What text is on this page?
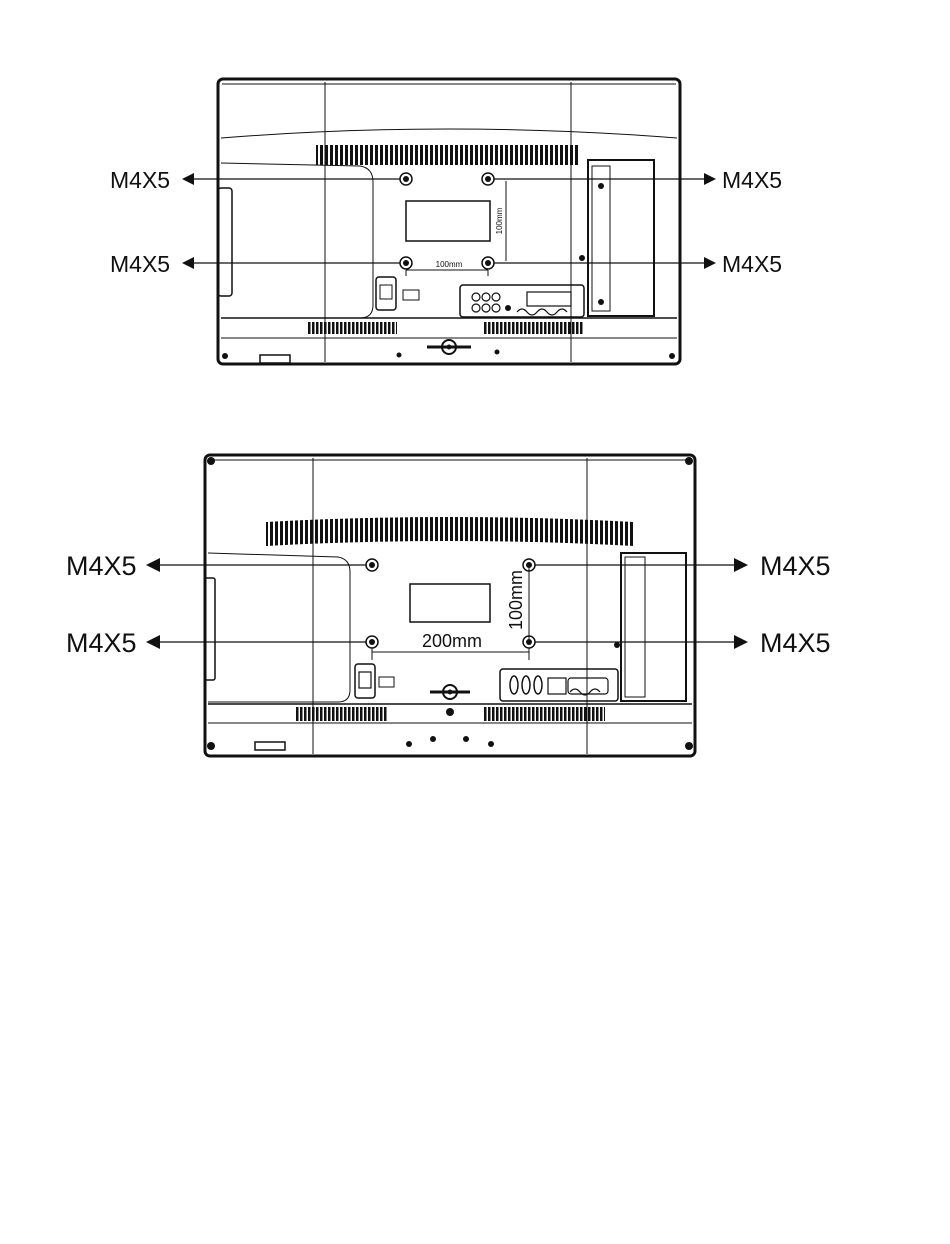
100mm
100mm
M4X5	M4X5
M4X5	M4X5
200mm
100mm
M4X5	M4X5
M4X5	M4X5
